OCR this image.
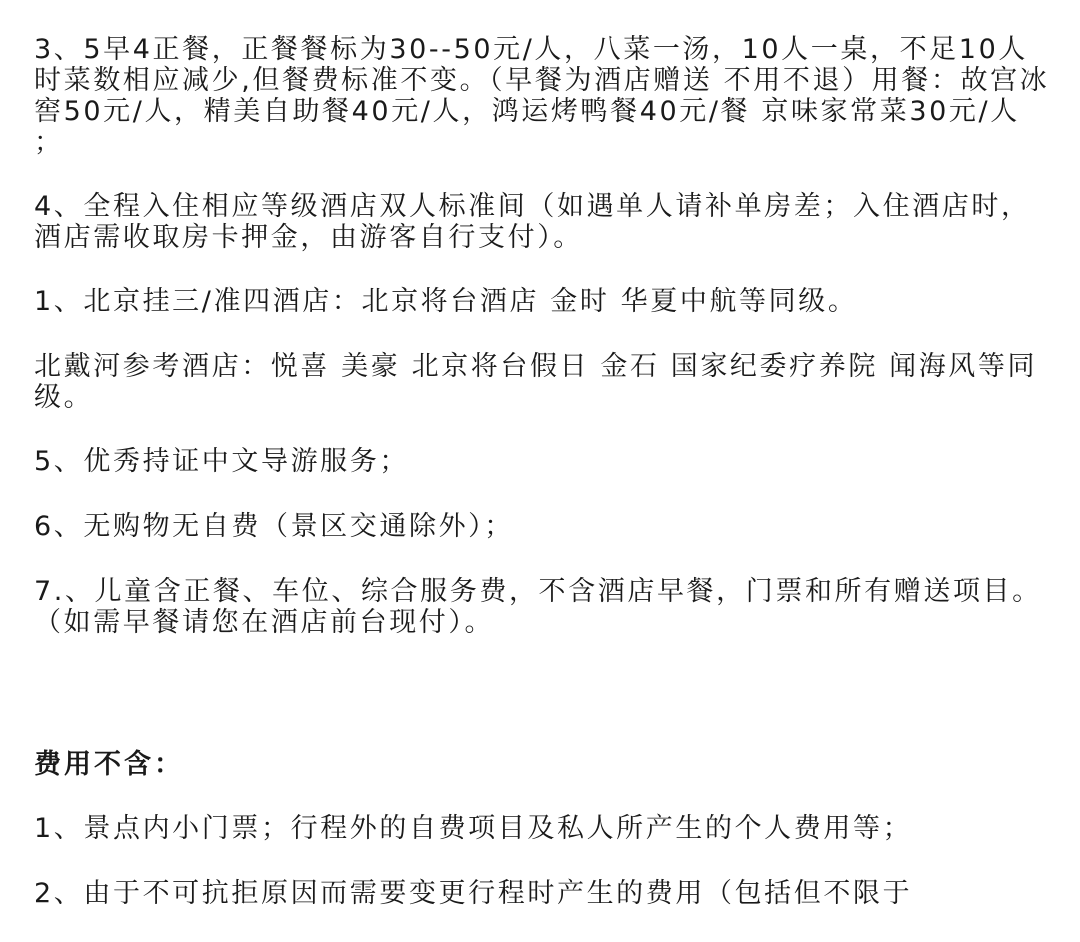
3、5早4正餐，正餐餐标为30--50元/人，八菜一汤，10人一桌，不足10人时菜数相应减少,但餐费标准不变。（早餐为酒店赠送 不用不退）用餐：故宫冰窖50元/人，精美自助餐40元/人，鸿运烤鸭餐40元/餐 京味家常菜30元/人 ；

4、全程入住相应等级酒店双人标准间（如遇单人请补单房差；入住酒店时，酒店需收取房卡押金，由游客自行支付）。

1、北京挂三/准四酒店：北京将台酒店 金时 华夏中航等同级。

北戴河参考酒店：悦喜 美豪 北京将台假日 金石 国家纪委疗养院 闻海风等同级。

5、优秀持证中文导游服务；

6、无购物无自费（景区交通除外）；

7.、儿童含正餐、车位、综合服务费，不含酒店早餐，门票和所有赠送项目。（如需早餐请您在酒店前台现付）。

费用不含：

1、景点内小门票；行程外的自费项目及私人所产生的个人费用等；

2、由于不可抗拒原因而需要变更行程时产生的费用（包括但不限于
